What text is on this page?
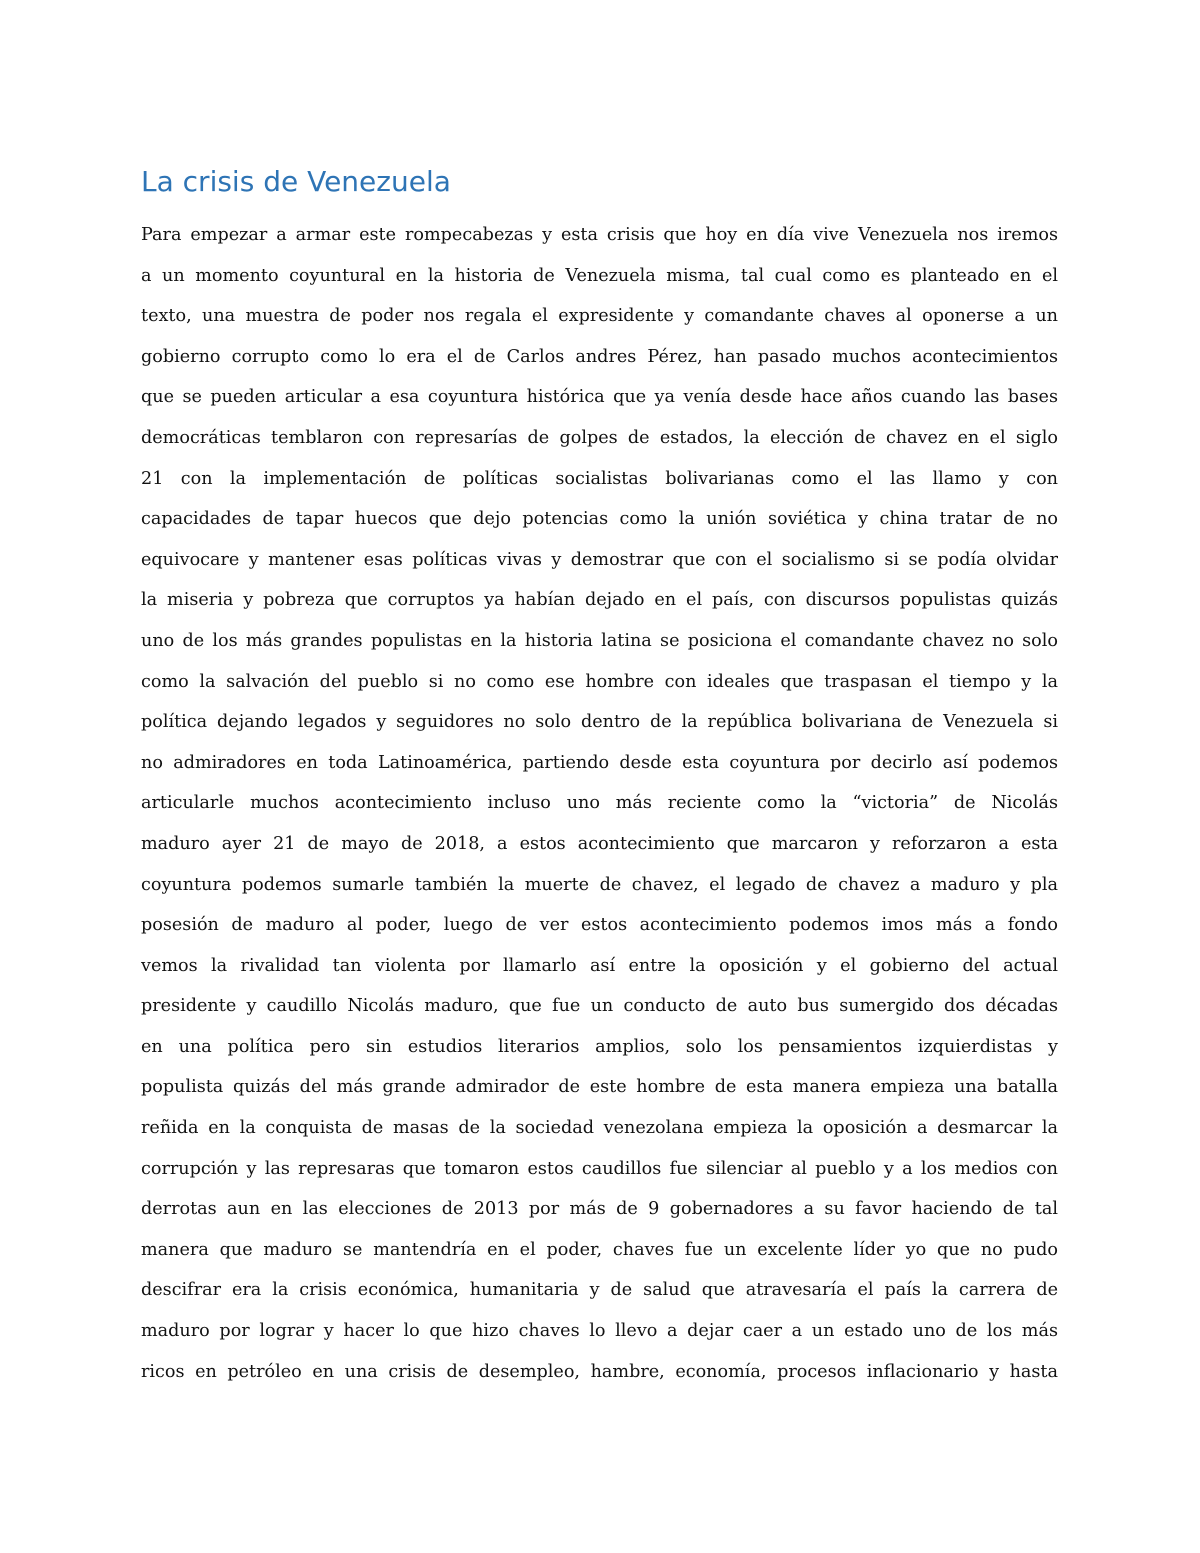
La crisis de Venezuela
Para empezar a armar este rompecabezas y esta crisis que hoy en día vive Venezuela nos iremos
a un momento coyuntural en la historia de Venezuela misma, tal cual como es planteado en el
texto, una muestra de poder nos regala el expresidente y comandante chaves al oponerse a un
gobierno corrupto como lo era el de Carlos andres Pérez, han pasado muchos acontecimientos
que se pueden articular a esa coyuntura histórica que ya venía desde hace años cuando las bases
democráticas temblaron con represarías de golpes de estados, la elección de chavez en el siglo
21 con la implementación de políticas socialistas bolivarianas como el las llamo y con
capacidades de tapar huecos que dejo potencias como la unión soviética y china tratar de no
equivocare y mantener esas políticas vivas y demostrar que con el socialismo si se podía olvidar
la miseria y pobreza que corruptos ya habían dejado en el país, con discursos populistas quizás
uno de los más grandes populistas en la historia latina se posiciona el comandante chavez no solo
como la salvación del pueblo si no como ese hombre con ideales que traspasan el tiempo y la
política dejando legados y seguidores no solo dentro de la república bolivariana de Venezuela si
no admiradores en toda Latinoamérica, partiendo desde esta coyuntura por decirlo así podemos
articularle muchos acontecimiento incluso uno más reciente como la “victoria” de Nicolás
maduro ayer 21 de mayo de 2018, a estos acontecimiento que marcaron y reforzaron a esta
coyuntura podemos sumarle también la muerte de chavez, el legado de chavez a maduro y pla
posesión de maduro al poder, luego de ver estos acontecimiento podemos imos más a fondo
vemos la rivalidad tan violenta por llamarlo así entre la oposición y el gobierno del actual
presidente y caudillo Nicolás maduro, que fue un conducto de auto bus sumergido dos décadas
en una política pero sin estudios literarios amplios, solo los pensamientos izquierdistas y
populista quizás del más grande admirador de este hombre de esta manera empieza una batalla
reñida en la conquista de masas de la sociedad venezolana empieza la oposición a desmarcar la
corrupción y las represaras que tomaron estos caudillos fue silenciar al pueblo y a los medios con
derrotas aun en las elecciones de 2013 por más de 9 gobernadores a su favor haciendo de tal
manera que maduro se mantendría en el poder, chaves fue un excelente líder yo que no pudo
descifrar era la crisis económica, humanitaria y de salud que atravesaría el país la carrera de
maduro por lograr y hacer lo que hizo chaves lo llevo a dejar caer a un estado uno de los más
ricos en petróleo en una crisis de desempleo, hambre, economía, procesos inflacionario y hasta
